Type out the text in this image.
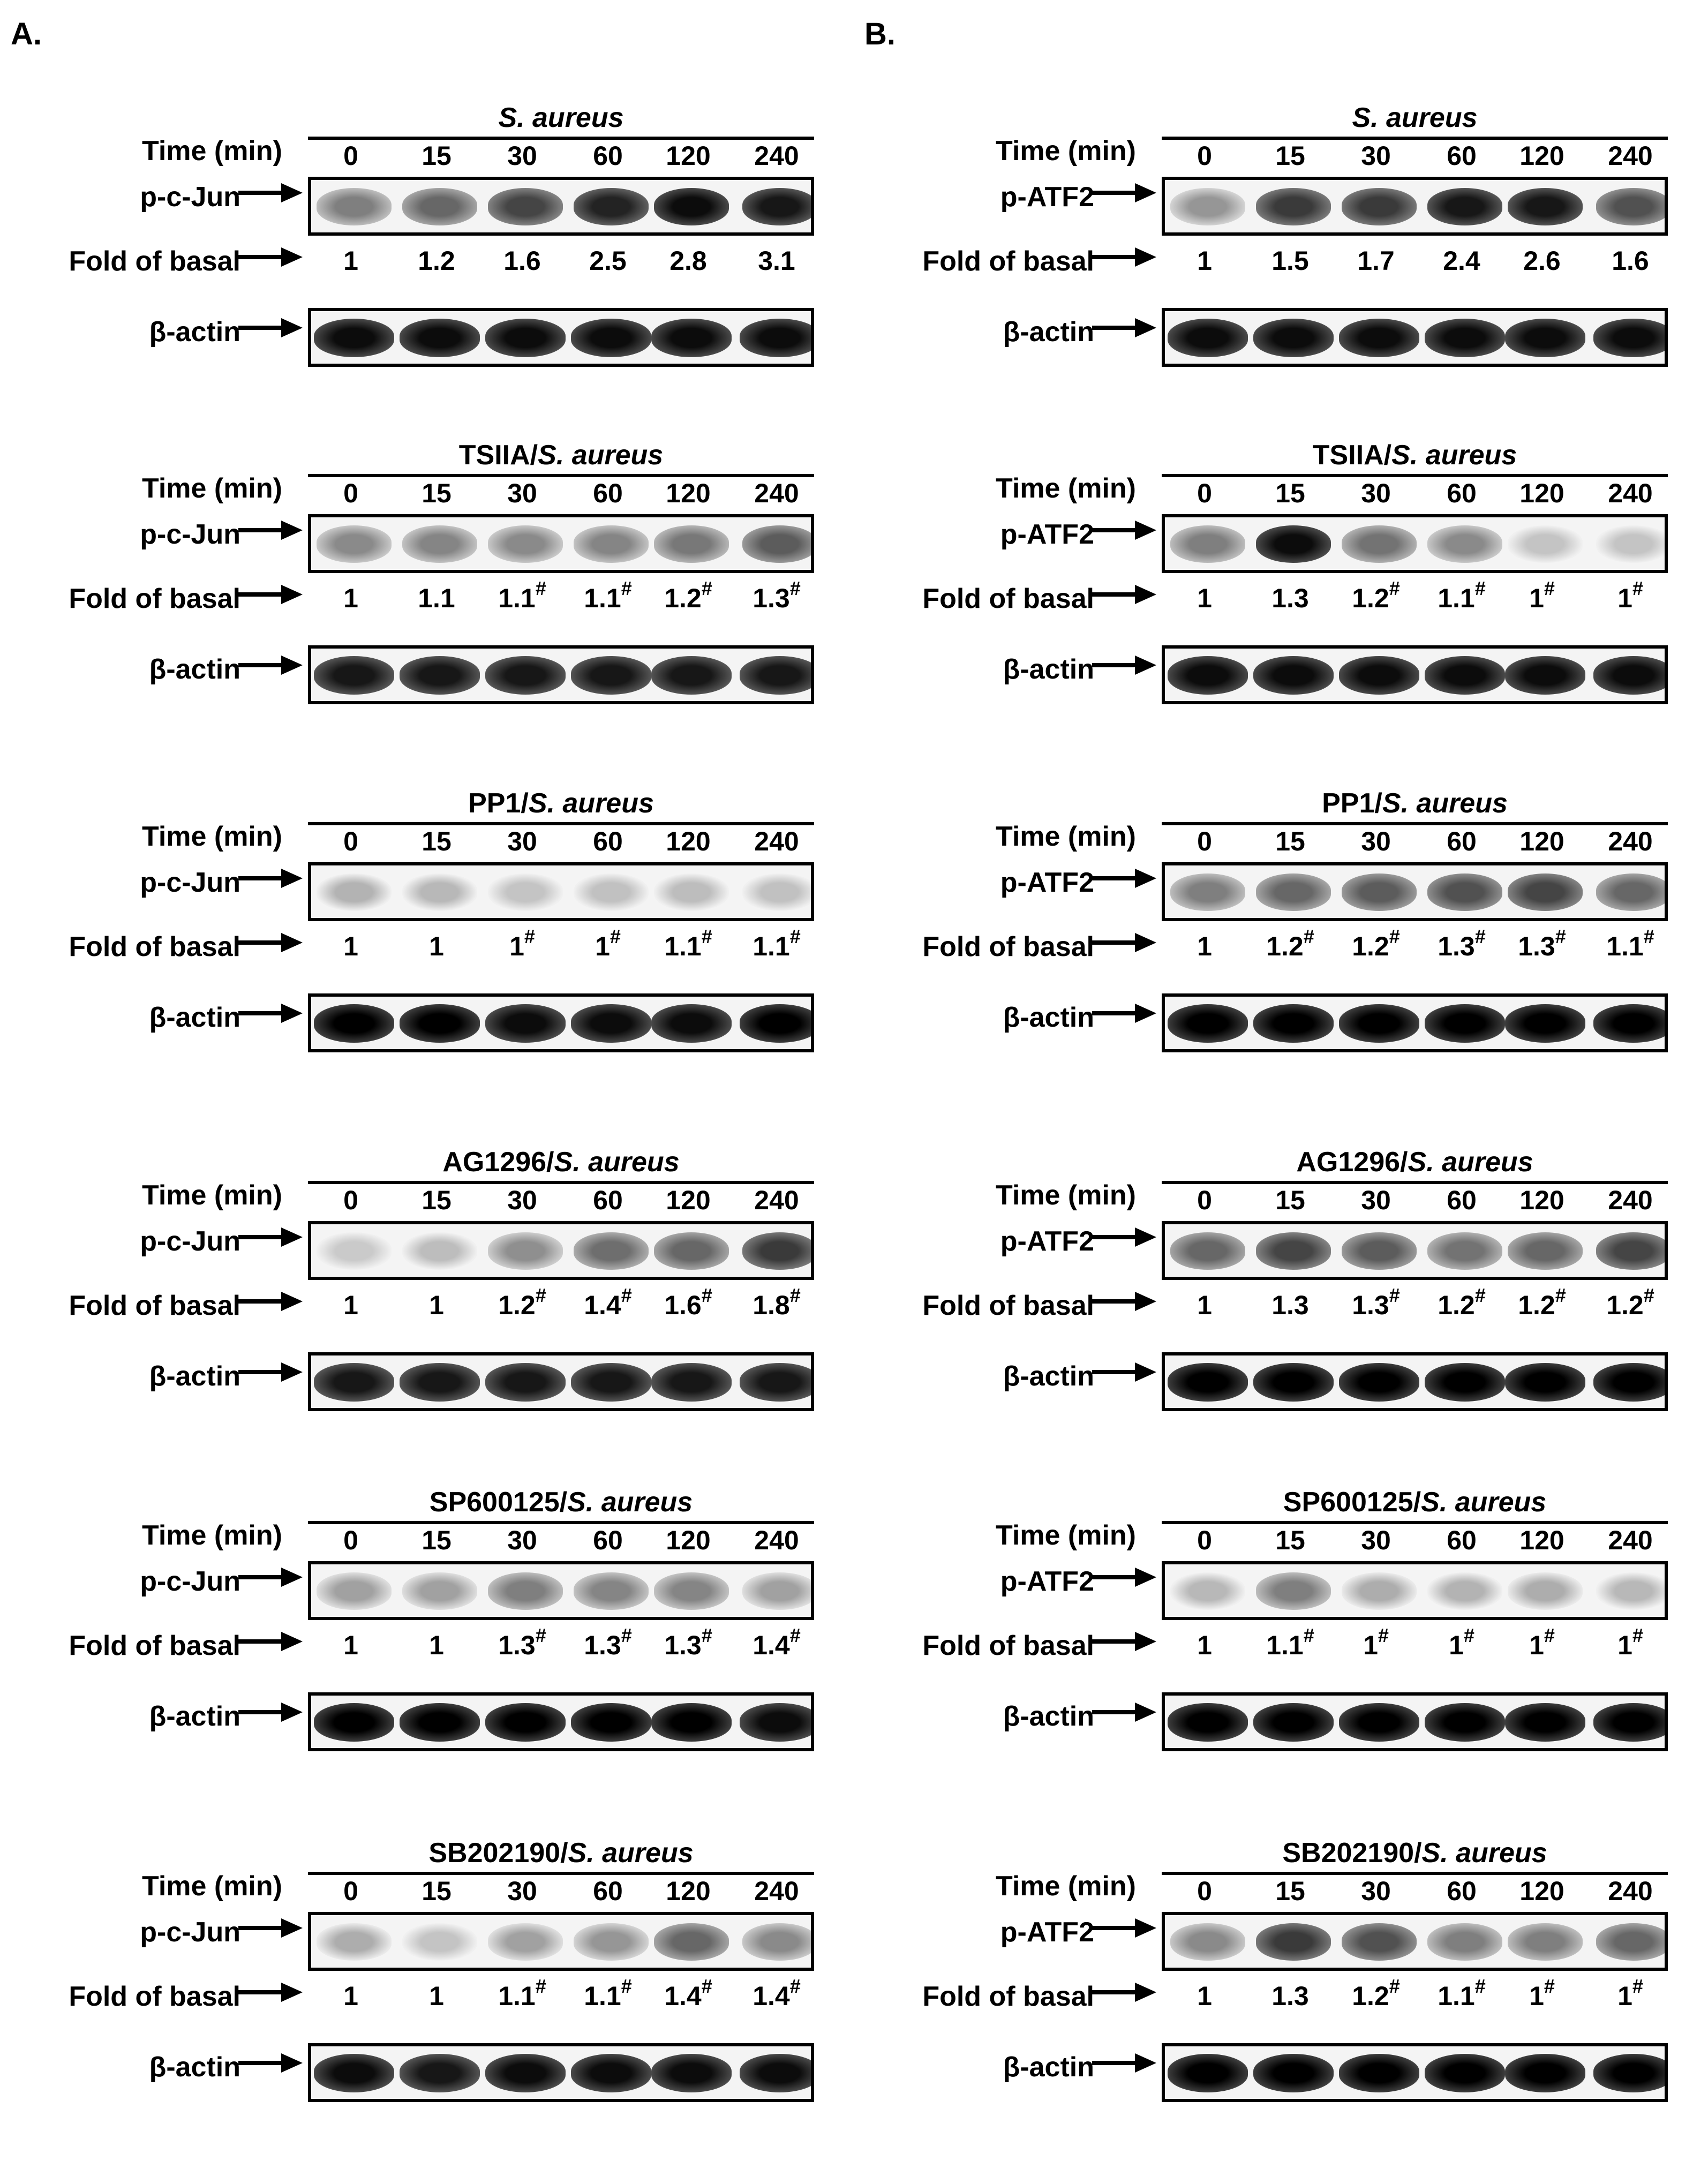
A.	B.
S. aureus
Time (min)	0	15	30	60	120	240
p-c-Jun
Fold of basal	1	1.2	1.6	2.5	2.8	3.1
β-actin
TSIIA/S. aureus
Time (min)	0	15	30	60	120	240
p-c-Jun
Fold of basal	1	1.1	1.1#	1.1#	1.2#	1.3#
β-actin
PP1/S. aureus
Time (min)	0	15	30	60	120	240
p-c-Jun
Fold of basal	1	1	1#	1#	1.1#	1.1#
β-actin
AG1296/S. aureus
Time (min)	0	15	30	60	120	240
p-c-Jun
Fold of basal	1	1	1.2#	1.4#	1.6#	1.8#
β-actin
SP600125/S. aureus
Time (min)	0	15	30	60	120	240
p-c-Jun
Fold of basal	1	1	1.3#	1.3#	1.3#	1.4#
β-actin
SB202190/S. aureus
Time (min)	0	15	30	60	120	240
p-c-Jun
Fold of basal	1	1	1.1#	1.1#	1.4#	1.4#
β-actin
S. aureus
Time (min)	0	15	30	60	120	240
p-ATF2
Fold of basal	1	1.5	1.7	2.4	2.6	1.6
β-actin
TSIIA/S. aureus
Time (min)	0	15	30	60	120	240
p-ATF2
Fold of basal	1	1.3	1.2#	1.1#	1#	1#
β-actin
PP1/S. aureus
Time (min)	0	15	30	60	120	240
p-ATF2
Fold of basal	1	1.2#	1.2#	1.3#	1.3#	1.1#
β-actin
AG1296/S. aureus
Time (min)	0	15	30	60	120	240
p-ATF2
Fold of basal	1	1.3	1.3#	1.2#	1.2#	1.2#
β-actin
SP600125/S. aureus
Time (min)	0	15	30	60	120	240
p-ATF2
Fold of basal	1	1.1#	1#	1#	1#	1#
β-actin
SB202190/S. aureus
Time (min)	0	15	30	60	120	240
p-ATF2
Fold of basal	1	1.3	1.2#	1.1#	1#	1#
β-actin
